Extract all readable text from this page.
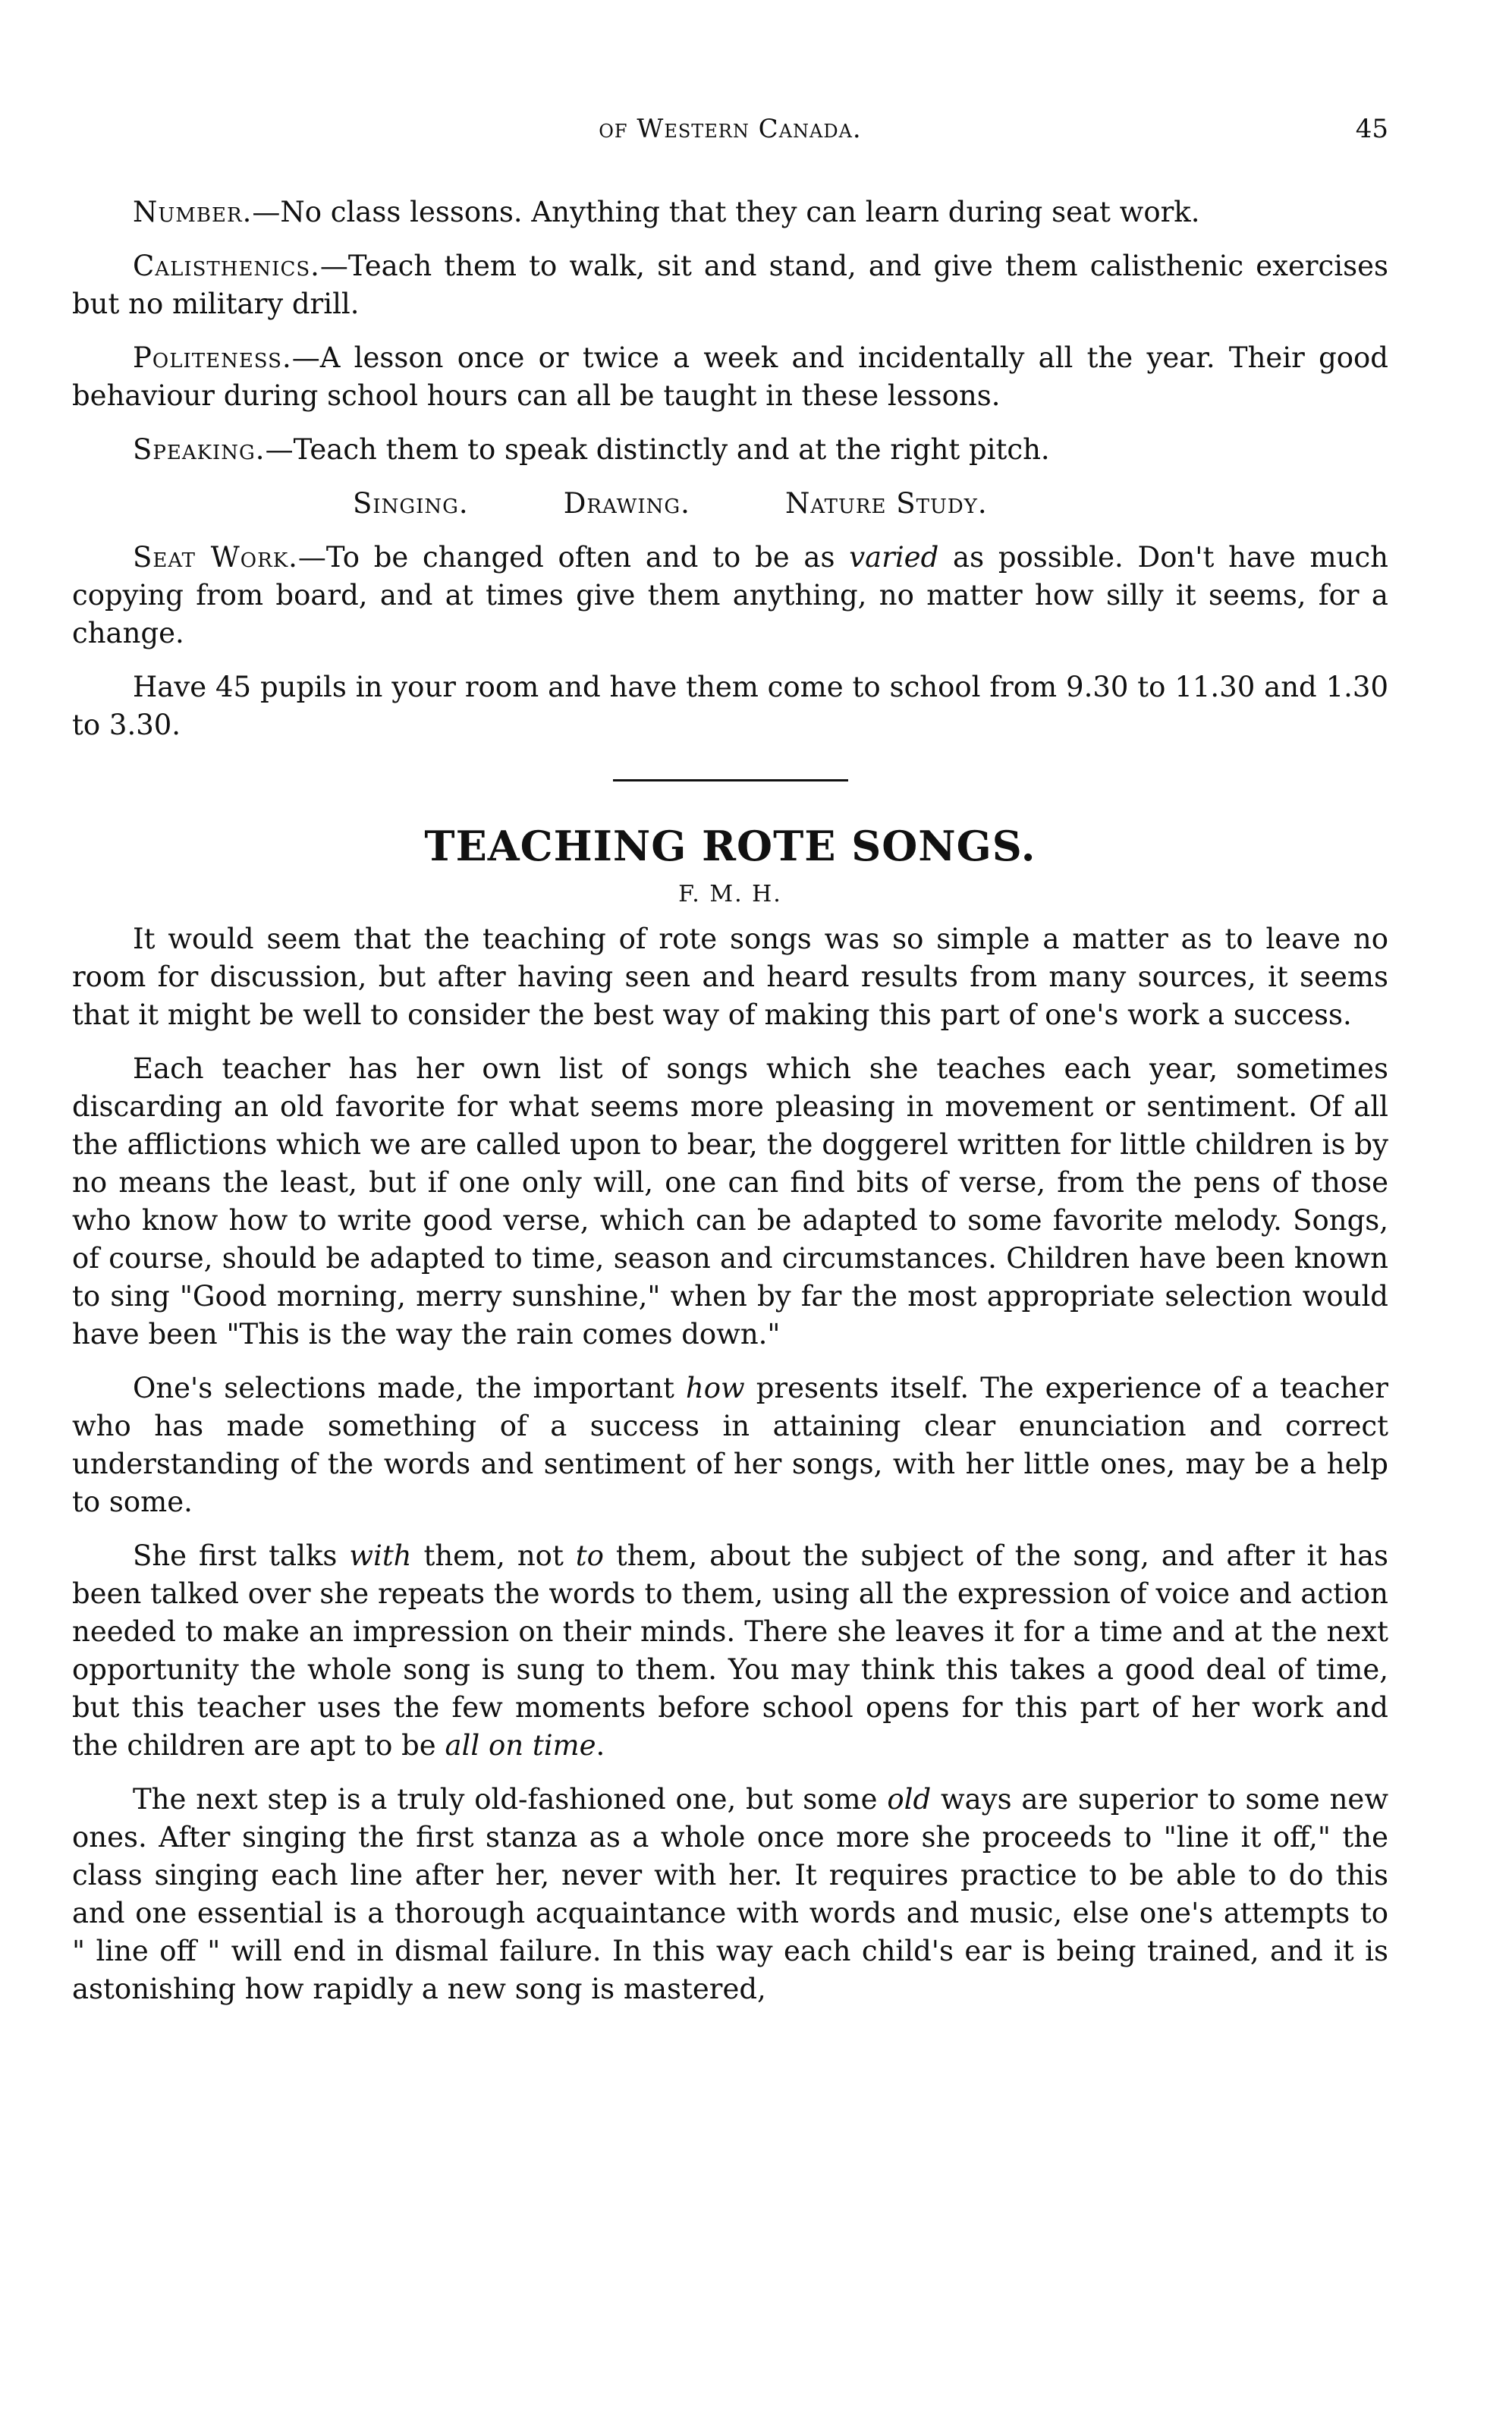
of Western Canada.	45

Number.—No class lessons. Anything that they can learn during seat work.

Calisthenics.—Teach them to walk, sit and stand, and give them calisthenic exercises but no military drill.

Politeness.—A lesson once or twice a week and incidentally all the year. Their good behaviour during school hours can all be taught in these lessons.

Speaking.—Teach them to speak distinctly and at the right pitch.

Singing.	Drawing.	Nature Study.

Seat Work.—To be changed often and to be as varied as possible. Don't have much copying from board, and at times give them anything, no matter how silly it seems, for a change.

Have 45 pupils in your room and have them come to school from 9.30 to 11.30 and 1.30 to 3.30.

TEACHING ROTE SONGS.
F. M. H.

It would seem that the teaching of rote songs was so simple a matter as to leave no room for discussion, but after having seen and heard results from many sources, it seems that it might be well to consider the best way of making this part of one's work a success.

Each teacher has her own list of songs which she teaches each year, sometimes discarding an old favorite for what seems more pleasing in movement or sentiment. Of all the afflictions which we are called upon to bear, the doggerel written for little children is by no means the least, but if one only will, one can find bits of verse, from the pens of those who know how to write good verse, which can be adapted to some favorite melody. Songs, of course, should be adapted to time, season and circumstances. Children have been known to sing "Good morning, merry sunshine," when by far the most appropriate selection would have been "This is the way the rain comes down."

One's selections made, the important how presents itself. The experience of a teacher who has made something of a success in attaining clear enunciation and correct understanding of the words and sentiment of her songs, with her little ones, may be a help to some.

She first talks with them, not to them, about the subject of the song, and after it has been talked over she repeats the words to them, using all the expression of voice and action needed to make an impression on their minds. There she leaves it for a time and at the next opportunity the whole song is sung to them. You may think this takes a good deal of time, but this teacher uses the few moments before school opens for this part of her work and the children are apt to be all on time.

The next step is a truly old-fashioned one, but some old ways are superior to some new ones. After singing the first stanza as a whole once more she proceeds to "line it off," the class singing each line after her, never with her. It requires practice to be able to do this and one essential is a thorough acquaintance with words and music, else one's attempts to " line off " will end in dismal failure. In this way each child's ear is being trained, and it is astonishing how rapidly a new song is mastered,
